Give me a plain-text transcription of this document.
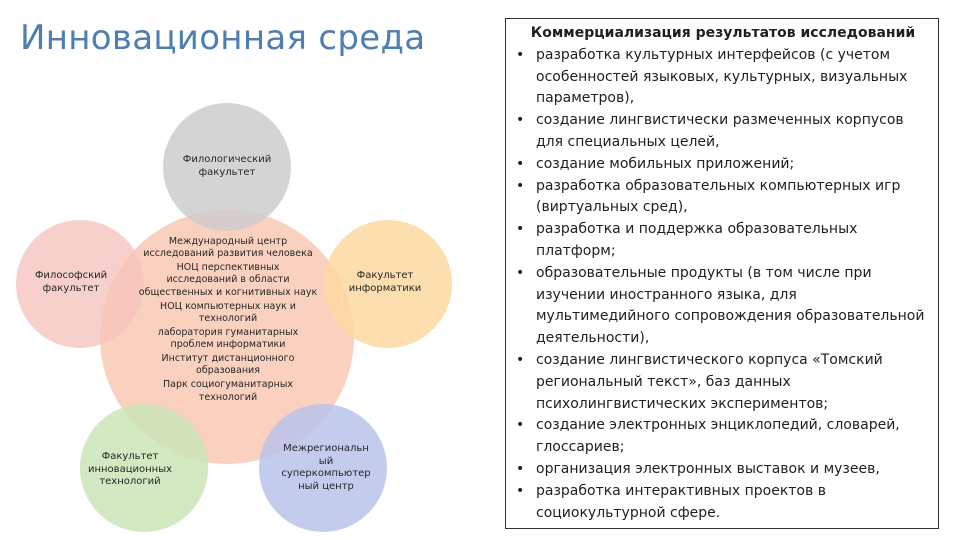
Инновационная среда
Филологический
факультет
Философский
факультет
Факультет
информатики
Факультет
инновационных
технологий
Межрегиональн
ый
суперкомпьютер
ный центр
Международный центр
исследований развития человека
НОЦ перспективных
исследований в области
общественных и когнитивных наук
НОЦ компьютерных наук и
технологий
лаборатория гуманитарных
проблем информатики
Институт дистанционного
образования
Парк социогуманитарных
технологий
Коммерциализация результатов исследований
• разработка культурных интерфейсов (с учетом особенностей языковых, культурных, визуальных параметров),
• создание лингвистически размеченных корпусов для специальных целей,
• создание мобильных приложений;
• разработка образовательных компьютерных игр (виртуальных сред),
• разработка и поддержка образовательных платформ;
• образовательные продукты (в том числе при изучении иностранного языка, для мультимедийного сопровождения образовательной деятельности),
• создание лингвистического корпуса «Томский региональный текст», баз данных психолингвистических экспериментов;
• создание электронных энциклопедий, словарей, глоссариев;
• организация электронных выставок и музеев,
• разработка интерактивных проектов в социокультурной сфере.
